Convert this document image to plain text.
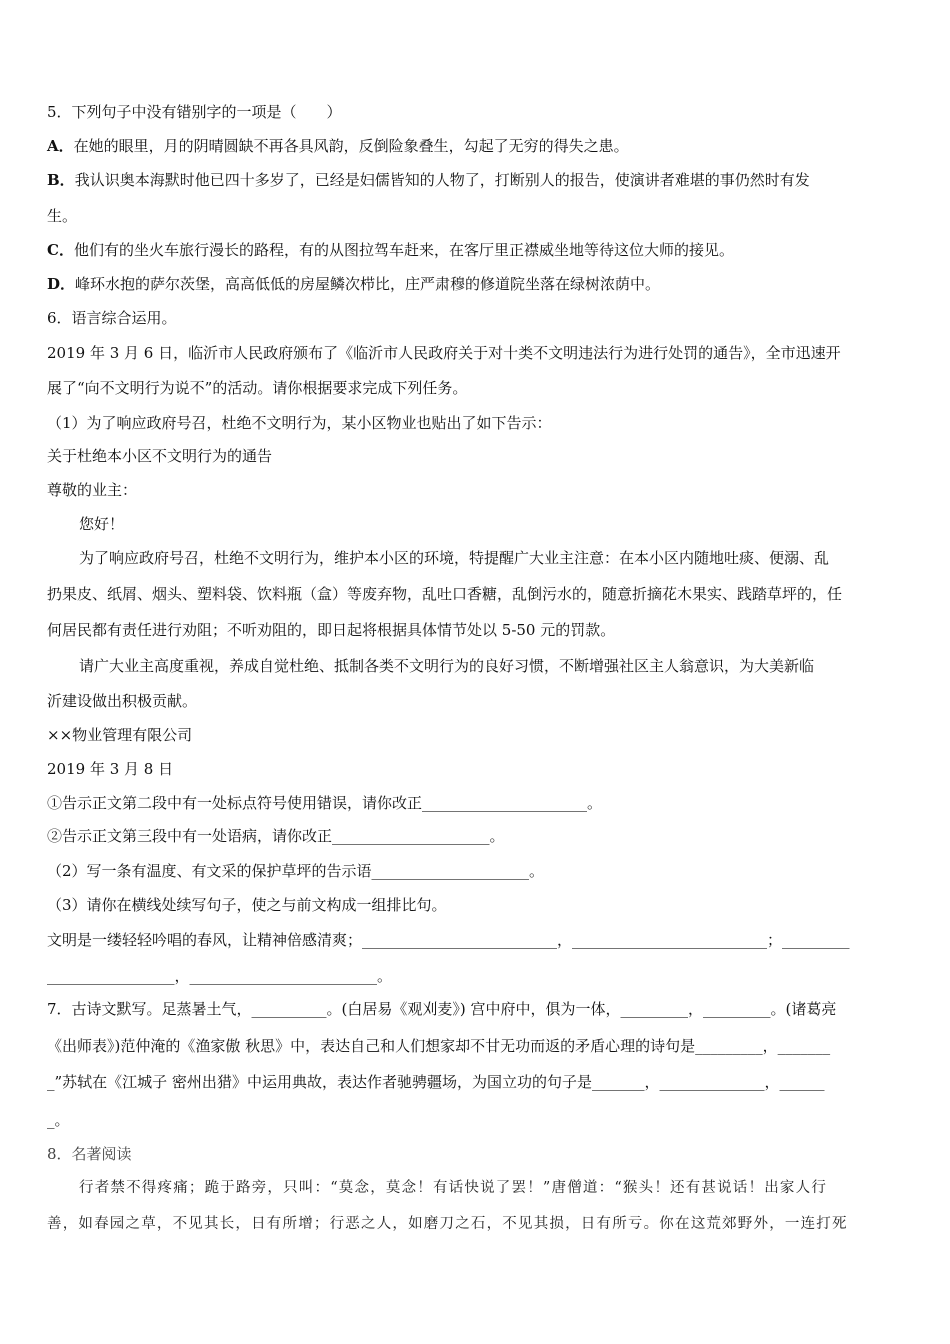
5．下列句子中没有错别字的一项是（　　）
A．在她的眼里，月的阴晴圆缺不再各具风韵，反倒险象叠生，勾起了无穷的得失之患。
B．我认识奥本海默时他已四十多岁了，已经是妇儒皆知的人物了，打断别人的报告，使演讲者难堪的事仍然时有发
生。
C．他们有的坐火车旅行漫长的路程，有的从图拉驾车赶来，在客厅里正襟威坐地等待这位大师的接见。
D．峰环水抱的萨尔茨堡，高高低低的房屋鳞次栉比，庄严肃穆的修道院坐落在绿树浓荫中。
6．语言综合运用。
2019 年 3 月 6 日，临沂市人民政府颁布了《临沂市人民政府关于对十类不文明违法行为进行处罚的通告》，全市迅速开
展了“向不文明行为说不”的活动。请你根据要求完成下列任务。
（1）为了响应政府号召，杜绝不文明行为，某小区物业也贴出了如下告示：
关于杜绝本小区不文明行为的通告
尊敬的业主：
您好！
为了响应政府号召，杜绝不文明行为，维护本小区的环境，特提醒广大业主注意：在本小区内随地吐痰、便溺、乱
扔果皮、纸屑、烟头、塑料袋、饮料瓶（盒）等废弃物，乱吐口香糖，乱倒污水的，随意折摘花木果实、践踏草坪的，任
何居民都有责任进行劝阻；不听劝阻的，即日起将根据具体情节处以 5-50 元的罚款。
请广大业主高度重视，养成自觉杜绝、抵制各类不文明行为的良好习惯，不断增强社区主人翁意识，为大美新临
沂建设做出积极贡献。
××物业管理有限公司
2019 年 3 月 8 日
①告示正文第二段中有一处标点符号使用错误，请你改正______________________。
②告示正文第三段中有一处语病，请你改正_____________________。
（2）写一条有温度、有文采的保护草坪的告示语_____________________。
（3）请你在横线处续写句子，使之与前文构成一组排比句。
文明是一缕轻轻吟唱的春风，让精神倍感清爽；__________________________，__________________________；_________
_________________，_________________________。
7．古诗文默写。足蒸暑土气，__________。(白居易《观刈麦》) 宫中府中，俱为一体，_________，_________。(诸葛亮
《出师表》)范仲淹的《渔家傲 秋思》中，表达自己和人们想家却不甘无功而返的矛盾心理的诗句是_________，_______
_”苏轼在《江城子 密州出猎》中运用典故，表达作者驰骋疆场，为国立功的句子是_______，______________，______
_。
8．名著阅读
行者禁不得疼痛；跪于路旁，只叫：“莫念，莫念！有话快说了罢！”唐僧道：“猴头！还有甚说话！出家人行
善，如春园之草，不见其长，日有所增；行恶之人，如磨刀之石，不见其损，日有所亏。你在这荒郊野外，一连打死
